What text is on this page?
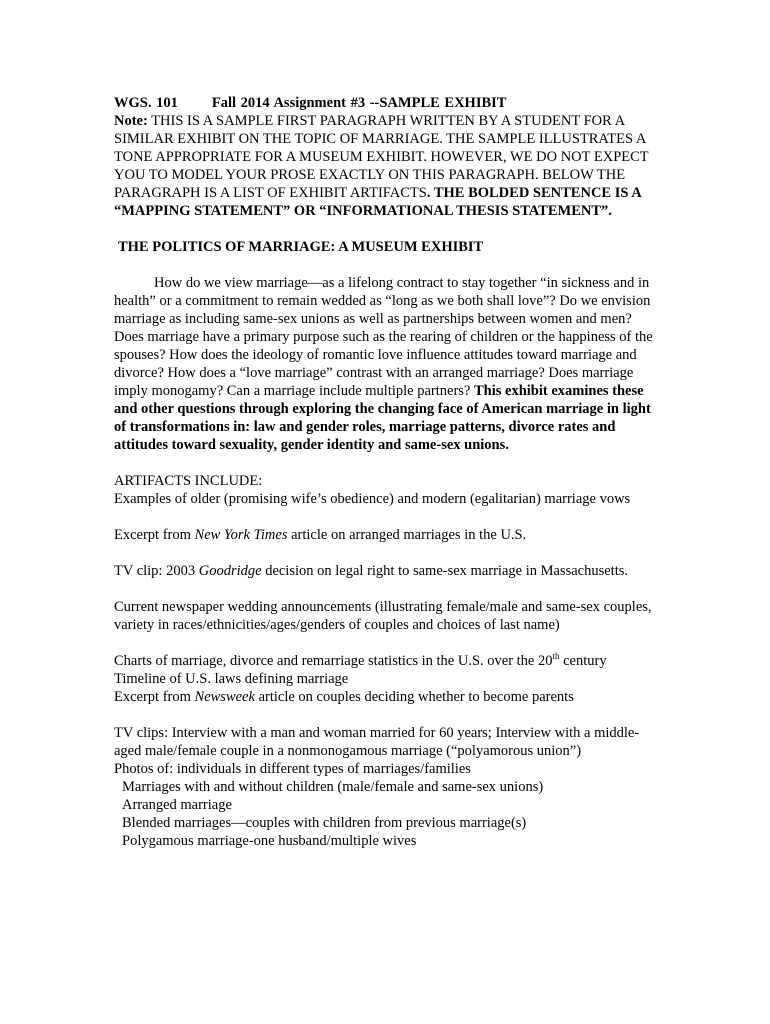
WGS. 101 Fall 2014 Assignment #3 --SAMPLE EXHIBIT

Note: THIS IS A SAMPLE FIRST PARAGRAPH WRITTEN BY A STUDENT FOR A SIMILAR EXHIBIT ON THE TOPIC OF MARRIAGE. THE SAMPLE ILLUSTRATES A TONE APPROPRIATE FOR A MUSEUM EXHIBIT. HOWEVER, WE DO NOT EXPECT YOU TO MODEL YOUR PROSE EXACTLY ON THIS PARAGRAPH. BELOW THE PARAGRAPH IS A LIST OF EXHIBIT ARTIFACTS. THE BOLDED SENTENCE IS A “MAPPING STATEMENT” OR “INFORMATIONAL THESIS STATEMENT”.

THE POLITICS OF MARRIAGE: A MUSEUM EXHIBIT

How do we view marriage—as a lifelong contract to stay together “in sickness and in health” or a commitment to remain wedded as “long as we both shall love”? Do we envision marriage as including same-sex unions as well as partnerships between women and men? Does marriage have a primary purpose such as the rearing of children or the happiness of the spouses? How does the ideology of romantic love influence attitudes toward marriage and divorce? How does a “love marriage” contrast with an arranged marriage? Does marriage imply monogamy? Can a marriage include multiple partners? This exhibit examines these and other questions through exploring the changing face of American marriage in light of transformations in: law and gender roles, marriage patterns, divorce rates and attitudes toward sexuality, gender identity and same-sex unions.

ARTIFACTS INCLUDE:

Examples of older (promising wife’s obedience) and modern (egalitarian) marriage vows

Excerpt from New York Times article on arranged marriages in the U.S.

TV clip: 2003 Goodridge decision on legal right to same-sex marriage in Massachusetts.

Current newspaper wedding announcements (illustrating female/male and same-sex couples, variety in races/ethnicities/ages/genders of couples and choices of last name)

Charts of marriage, divorce and remarriage statistics in the U.S. over the 20th century

Timeline of U.S. laws defining marriage

Excerpt from Newsweek article on couples deciding whether to become parents

TV clips: Interview with a man and woman married for 60 years; Interview with a middle-aged male/female couple in a nonmonogamous marriage (“polyamorous union”)

Photos of: individuals in different types of marriages/families

Marriages with and without children (male/female and same-sex unions)

Arranged marriage

Blended marriages—couples with children from previous marriage(s)

Polygamous marriage-one husband/multiple wives
